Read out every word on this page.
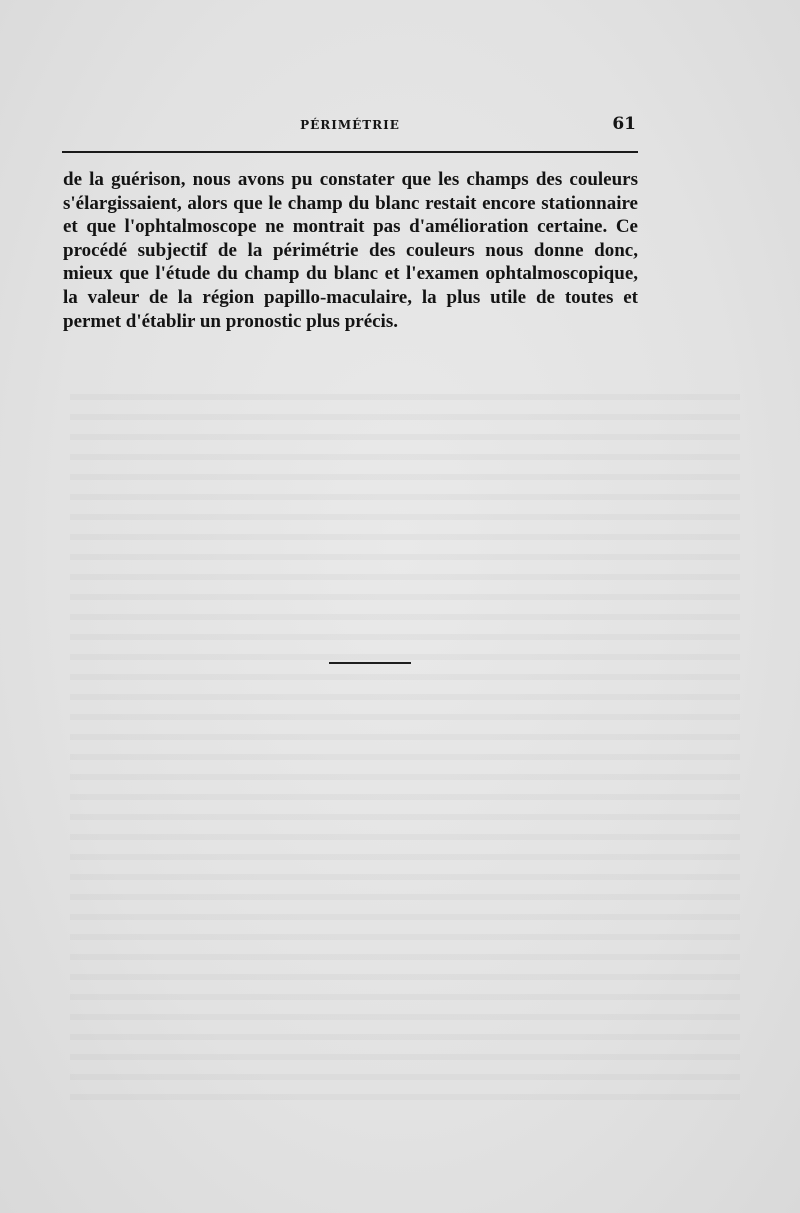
PÉRIMÉTRIE	61

de la guérison, nous avons pu constater que les champs des couleurs s'élargissaient, alors que le champ du blanc restait encore stationnaire et que l'ophtalmoscope ne montrait pas d'amélioration certaine. Ce procédé subjectif de la périmétrie des couleurs nous donne donc, mieux que l'étude du champ du blanc et l'examen ophtalmoscopique, la valeur de la région papillo-maculaire, la plus utile de toutes et permet d'établir un pronostic plus précis.
